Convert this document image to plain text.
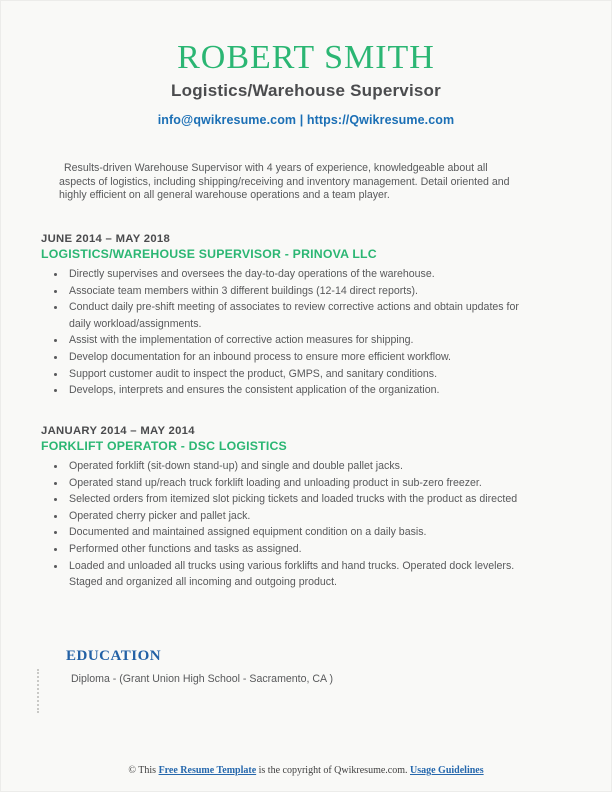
ROBERT SMITH
Logistics/Warehouse Supervisor
info@qwikresume.com | https://Qwikresume.com
Results-driven Warehouse Supervisor with 4 years of experience, knowledgeable about all aspects of logistics, including shipping/receiving and inventory management. Detail oriented and highly efficient on all general warehouse operations and a team player.
JUNE 2014 – MAY 2018
LOGISTICS/WAREHOUSE SUPERVISOR - PRINOVA LLC
Directly supervises and oversees the day-to-day operations of the warehouse.
Associate team members within 3 different buildings (12-14 direct reports).
Conduct daily pre-shift meeting of associates to review corrective actions and obtain updates for daily workload/assignments.
Assist with the implementation of corrective action measures for shipping.
Develop documentation for an inbound process to ensure more efficient workflow.
Support customer audit to inspect the product, GMPS, and sanitary conditions.
Develops, interprets and ensures the consistent application of the organization.
JANUARY 2014 – MAY 2014
FORKLIFT OPERATOR - DSC LOGISTICS
Operated forklift (sit-down stand-up) and single and double pallet jacks.
Operated stand up/reach truck forklift loading and unloading product in sub-zero freezer.
Selected orders from itemized slot picking tickets and loaded trucks with the product as directed
Operated cherry picker and pallet jack.
Documented and maintained assigned equipment condition on a daily basis.
Performed other functions and tasks as assigned.
Loaded and unloaded all trucks using various forklifts and hand trucks. Operated dock levelers. Staged and organized all incoming and outgoing product.
EDUCATION
Diploma - (Grant Union High School - Sacramento, CA )
© This Free Resume Template is the copyright of Qwikresume.com. Usage Guidelines
